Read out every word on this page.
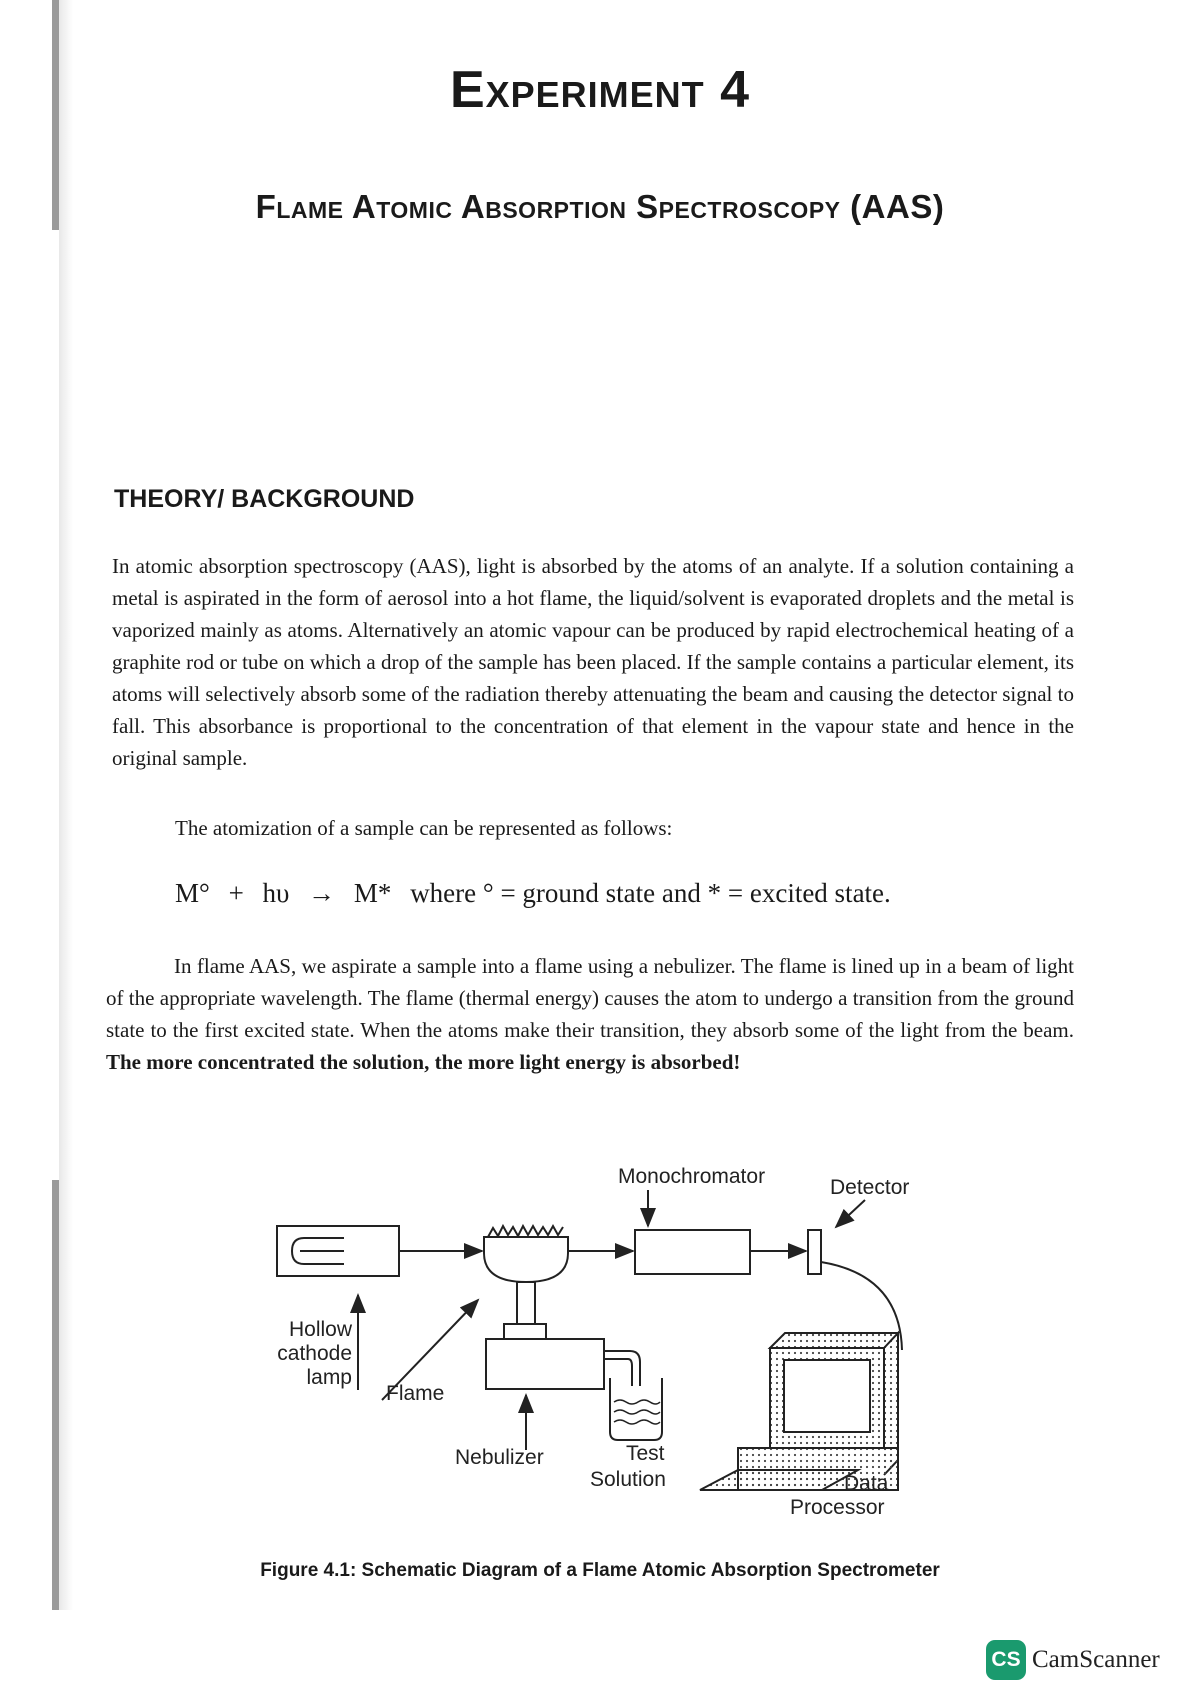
Experiment 4
Flame Atomic Absorption Spectroscopy (AAS)
THEORY/ BACKGROUND

In atomic absorption spectroscopy (AAS), light is absorbed by the atoms of an analyte. If a solution containing a metal is aspirated in the form of aerosol into a hot flame, the liquid/solvent is evaporated droplets and the metal is vaporized mainly as atoms. Alternatively an atomic vapour can be produced by rapid electrochemical heating of a graphite rod or tube on which a drop of the sample has been placed. If the sample contains a particular element, its atoms will selectively absorb some of the radiation thereby attenuating the beam and causing the detector signal to fall. This absorbance is proportional to the concentration of that element in the vapour state and hence in the original sample.

The atomization of a sample can be represented as follows:

M° + hυ → M* where ° = ground state and * = excited state.

In flame AAS, we aspirate a sample into a flame using a nebulizer. The flame is lined up in a beam of light of the appropriate wavelength. The flame (thermal energy) causes the atom to undergo a transition from the ground state to the first excited state. When the atoms make their transition, they absorb some of the light from the beam. The more concentrated the solution, the more light energy is absorbed!

Monochromator	Detector
Hollow
cathode
lamp
Flame
Nebulizer	Test
Solution	Data
Processor
Figure 4.1: Schematic Diagram of a Flame Atomic Absorption Spectrometer
CS CamScanner
